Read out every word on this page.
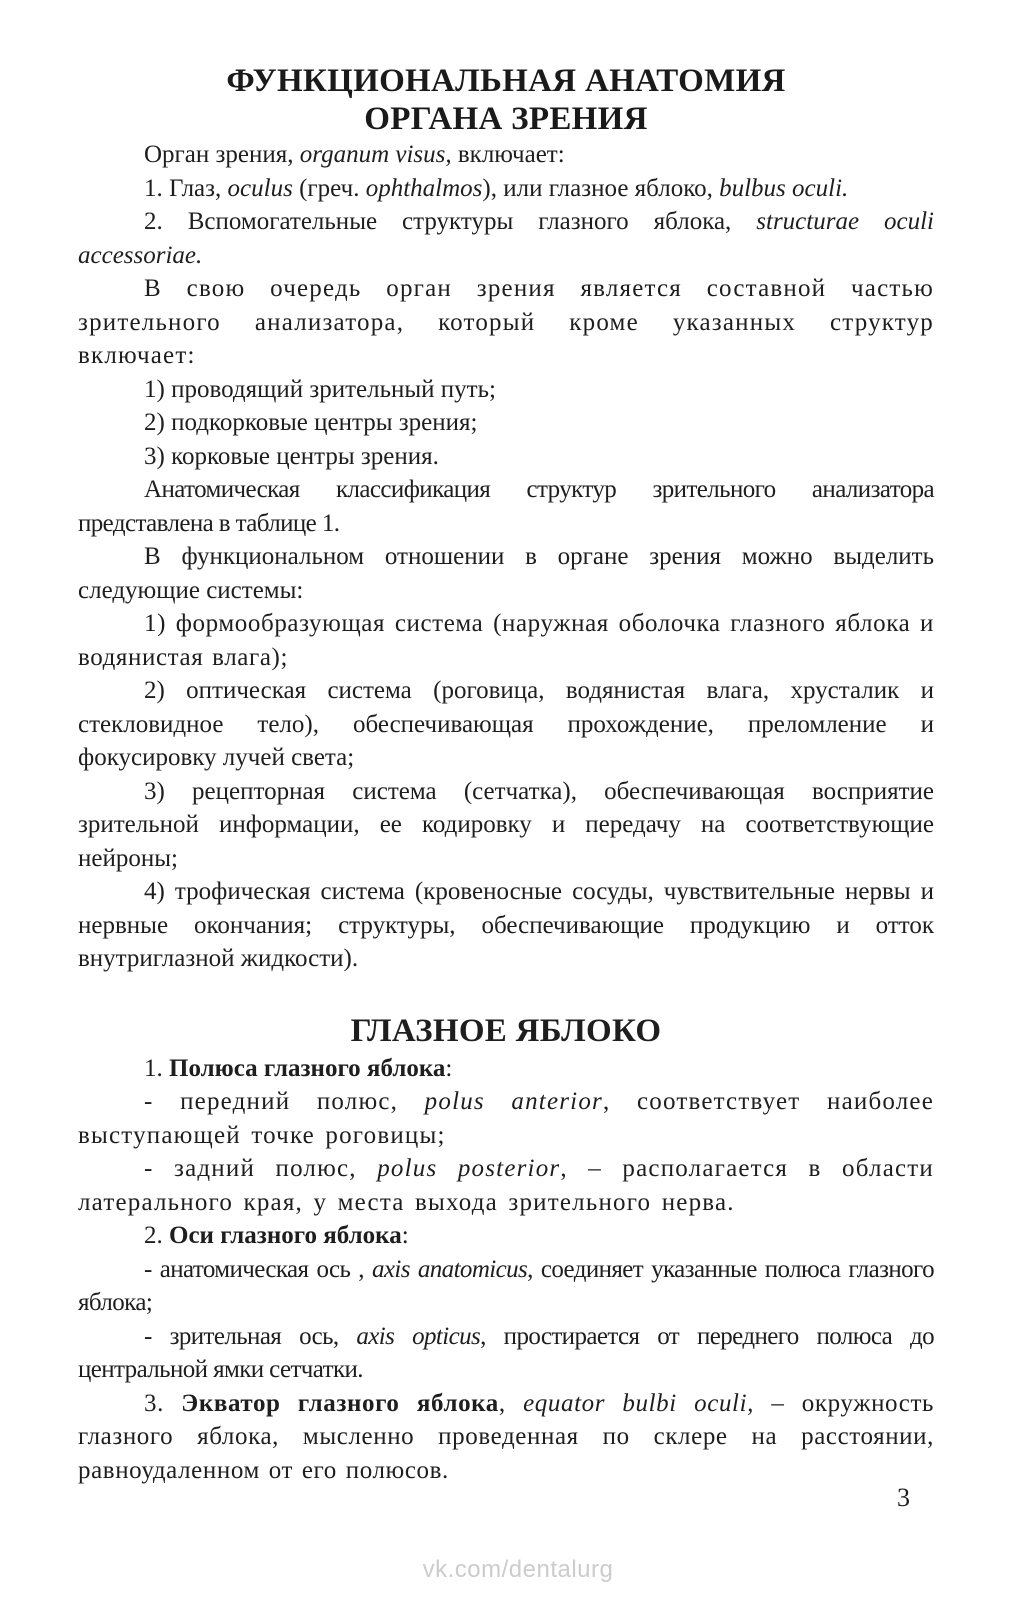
ФУНКЦИОНАЛЬНАЯ АНАТОМИЯ
ОРГАНА ЗРЕНИЯ

Орган зрения, organum visus, включает:

1. Глаз, oculus (греч. ophthalmos), или глазное яблоко, bulbus oculi.

2. Вспомогательные структуры глазного яблока, structurae oculi accessoriae.

В свою очередь орган зрения является составной частью зрительного анализатора, который кроме указанных структур включает:

1) проводящий зрительный путь;

2) подкорковые центры зрения;

3) корковые центры зрения.

Анатомическая классификация структур зрительного анализатора представлена в таблице 1.

В функциональном отношении в органе зрения можно выделить следующие системы:

1) формообразующая система (наружная оболочка глазного яблока и водянистая влага);

2) оптическая система (роговица, водянистая влага, хрусталик и стекловидное тело), обеспечивающая прохождение, преломление и фокусировку лучей света;

3) рецепторная система (сетчатка), обеспечивающая восприятие зрительной информации, ее кодировку и передачу на соответствующие нейроны;

4) трофическая система (кровеносные сосуды, чувствительные нервы и нервные окончания; структуры, обеспечивающие продукцию и отток внутриглазной жидкости).

ГЛАЗНОЕ ЯБЛОКО

1. Полюса глазного яблока:

- передний полюс, polus anterior, соответствует наиболее выступающей точке роговицы;

- задний полюс, polus posterior, – располагается в области латерального края, у места выхода зрительного нерва.

2. Оси глазного яблока:

- анатомическая ось , axis anatomicus, соединяет указанные полюса глазного яблока;

- зрительная ось, axis opticus, простирается от переднего полюса до центральной ямки сетчатки.

3. Экватор глазного яблока, equator bulbi oculi, – окружность глазного яблока, мысленно проведенная по склере на расстоянии, равноудаленном от его полюсов.

3
vk.com/dentalurg
